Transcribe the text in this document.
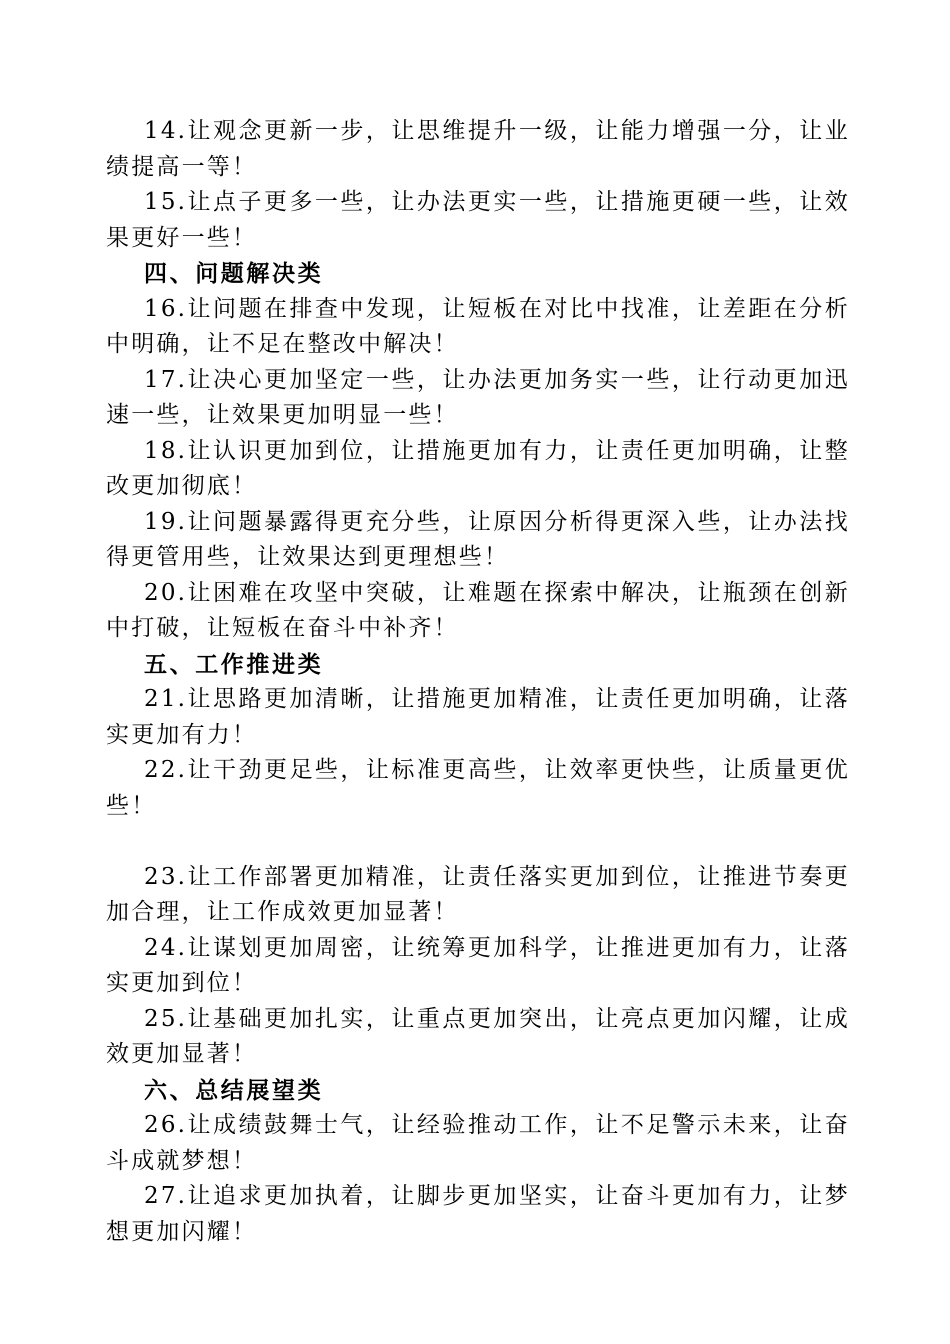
14.让观念更新一步，让思维提升一级，让能力增强一分，让业绩提高一等！

15.让点子更多一些，让办法更实一些，让措施更硬一些，让效果更好一些！

四、问题解决类

16.让问题在排查中发现，让短板在对比中找准，让差距在分析中明确，让不足在整改中解决！

17.让决心更加坚定一些，让办法更加务实一些，让行动更加迅速一些，让效果更加明显一些！

18.让认识更加到位，让措施更加有力，让责任更加明确，让整改更加彻底！

19.让问题暴露得更充分些，让原因分析得更深入些，让办法找得更管用些，让效果达到更理想些！

20.让困难在攻坚中突破，让难题在探索中解决，让瓶颈在创新中打破，让短板在奋斗中补齐！

五、工作推进类

21.让思路更加清晰，让措施更加精准，让责任更加明确，让落实更加有力！

22.让干劲更足些，让标准更高些，让效率更快些，让质量更优些！

23.让工作部署更加精准，让责任落实更加到位，让推进节奏更加合理，让工作成效更加显著！

24.让谋划更加周密，让统筹更加科学，让推进更加有力，让落实更加到位！

25.让基础更加扎实，让重点更加突出，让亮点更加闪耀，让成效更加显著！

六、总结展望类

26.让成绩鼓舞士气，让经验推动工作，让不足警示未来，让奋斗成就梦想！

27.让追求更加执着，让脚步更加坚实，让奋斗更加有力，让梦想更加闪耀！
